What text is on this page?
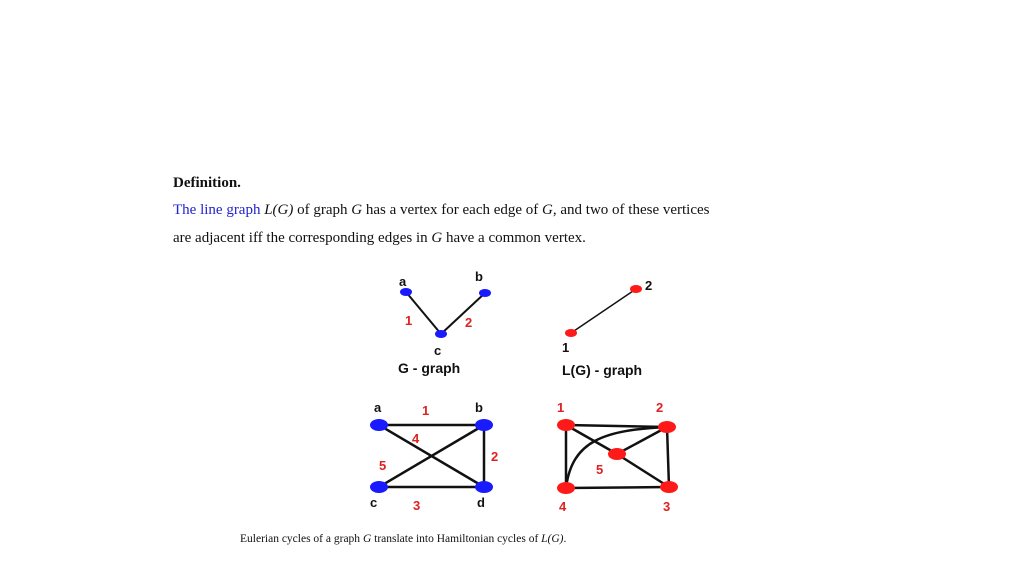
Definition.
The line graph L(G) of graph G has a vertex for each edge of G, and two of these vertices
are adjacent iff the corresponding edges in G have a common vertex.
a	b
c
1	2
G - graph
1
2
L(G) - graph
a	b
c	d
1
2
3
4
5
1	2
3
4
5
Eulerian cycles of a graph G translate into Hamiltonian cycles of L(G).
